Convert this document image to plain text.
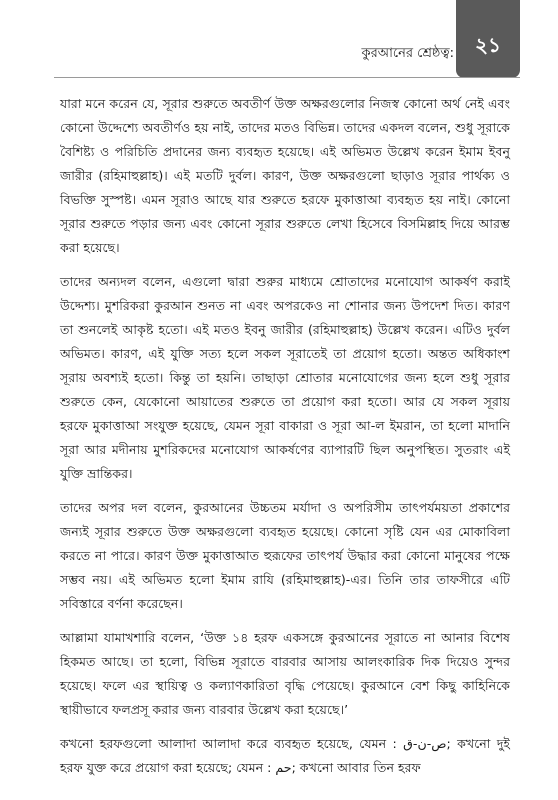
কুরআনের শ্রেষ্ঠত্ব:	২১

যারা মনে করেন যে, সূরার শুরুতে অবতীর্ণ উক্ত অক্ষরগুলোর নিজস্ব কোনো অর্থ নেই এবং কোনো উদ্দেশ্যে অবতীর্ণও হয় নাই, তাদের মতও বিভিন্ন। তাদের একদল বলেন, শুধু সূরাকে বৈশিষ্ট্য ও পরিচিতি প্রদানের জন্য ব্যবহৃত হয়েছে। এই অভিমত উল্লেখ করেন ইমাম ইবনু জারীর (রহিমাহুল্লাহ)। এই মতটি দুর্বল। কারণ, উক্ত অক্ষরগুলো ছাড়াও সূরার পার্থক্য ও বিভক্তি সুস্পষ্ট। এমন সূরাও আছে যার শুরুতে হরফে মুকাত্তাআ ব্যবহৃত হয় নাই। কোনো সূরার শুরুতে পড়ার জন্য এবং কোনো সূরার শুরুতে লেখা হিসেবে বিসমিল্লাহ দিয়ে আরম্ভ করা হয়েছে।

তাদের অন্যদল বলেন, এগুলো দ্বারা শুরুর মাধ্যমে শ্রোতাদের মনোযোগ আকর্ষণ করাই উদ্দেশ্য। মুশরিকরা কুরআন শুনত না এবং অপরকেও না শোনার জন্য উপদেশ দিত। কারণ তা শুনলেই আকৃষ্ট হতো। এই মতও ইবনু জারীর (রহিমাহুল্লাহ) উল্লেখ করেন। এটিও দুর্বল অভিমত। কারণ, এই যুক্তি সত্য হলে সকল সূরাতেই তা প্রয়োগ হতো। অন্তত অধিকাংশ সূরায় অবশ্যই হতো। কিন্তু তা হয়নি। তাছাড়া শ্রোতার মনোযোগের জন্য হলে শুধু সূরার শুরুতে কেন, যেকোনো আয়াতের শুরুতে তা প্রয়োগ করা হতো। আর যে সকল সূরায় হরফে মুকাত্তাআ সংযুক্ত হয়েছে, যেমন সূরা বাকারা ও সূরা আ-ল ইমরান, তা হলো মাদানি সূরা আর মদীনায় মুশরিকদের মনোযোগ আকর্ষণের ব্যাপারটি ছিল অনুপস্থিত। সুতরাং এই যুক্তি ভ্রান্তিকর।

তাদের অপর দল বলেন, কুরআনের উচ্চতম মর্যাদা ও অপরিসীম তাৎপর্যময়তা প্রকাশের জন্যই সূরার শুরুতে উক্ত অক্ষরগুলো ব্যবহৃত হয়েছে। কোনো সৃষ্টি যেন এর মোকাবিলা করতে না পারে। কারণ উক্ত মুকাত্তাআত হুরূফের তাৎপর্য উদ্ধার করা কোনো মানুষের পক্ষে সম্ভব নয়। এই অভিমত হলো ইমাম রাযি (রহিমাহুল্লাহ)-এর। তিনি তার তাফসীরে এটি সবিস্তারে বর্ণনা করেছেন।

আল্লামা যামাখশারি বলেন, ‘উক্ত ১৪ হরফ একসঙ্গে কুরআনের সূরাতে না আনার বিশেষ হিকমত আছে। তা হলো, বিভিন্ন সূরাতে বারবার আসায় আলংকারিক দিক দিয়েও সুন্দর হয়েছে। ফলে এর স্থায়িত্ব ও কল্যাণকারিতা বৃদ্ধি পেয়েছে। কুরআনে বেশ কিছু কাহিনিকে স্থায়ীভাবে ফলপ্রসূ করার জন্য বারবার উল্লেখ করা হয়েছে।’

কখনো হরফগুলো আলাদা আলাদা করে ব্যবহৃত হয়েছে, যেমন : ص-ن-ق; কখনো দুই হরফ যুক্ত করে প্রয়োগ করা হয়েছে; যেমন : حم; কখনো আবার তিন হরফ
